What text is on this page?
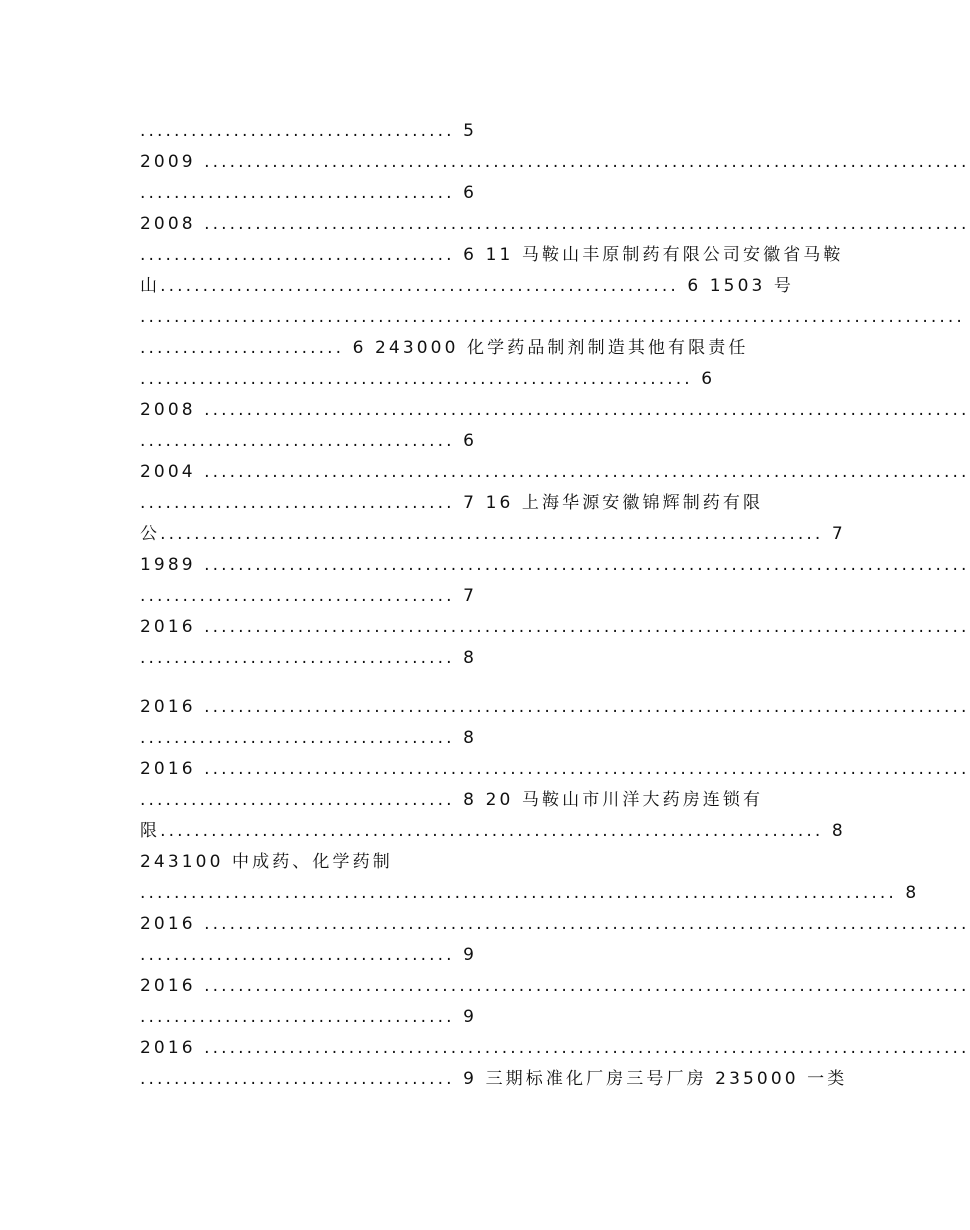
..................................... 5
2009 ..........................................................................................
..................................... 6
2008 ..........................................................................................
..................................... 6 11 马鞍山丰原制药有限公司安徽省马鞍
山............................................................. 6 1503 号
.................................................................................................
........................ 6 243000 化学药品制剂制造其他有限责任
................................................................. 6
2008 ..........................................................................................
..................................... 6
2004 ..........................................................................................
..................................... 7 16 上海华源安徽锦辉制药有限
公.............................................................................. 7
1989 ..........................................................................................
..................................... 7
2016 ..........................................................................................
..................................... 8
2016 ..........................................................................................
..................................... 8
2016 ..........................................................................................
..................................... 8 20 马鞍山市川洋大药房连锁有
限.............................................................................. 8
243100 中成药、化学药制
......................................................................................... 8
2016 ..........................................................................................
..................................... 9
2016 ..........................................................................................
..................................... 9
2016 ..........................................................................................
..................................... 9 三期标准化厂房三号厂房 235000 一类
